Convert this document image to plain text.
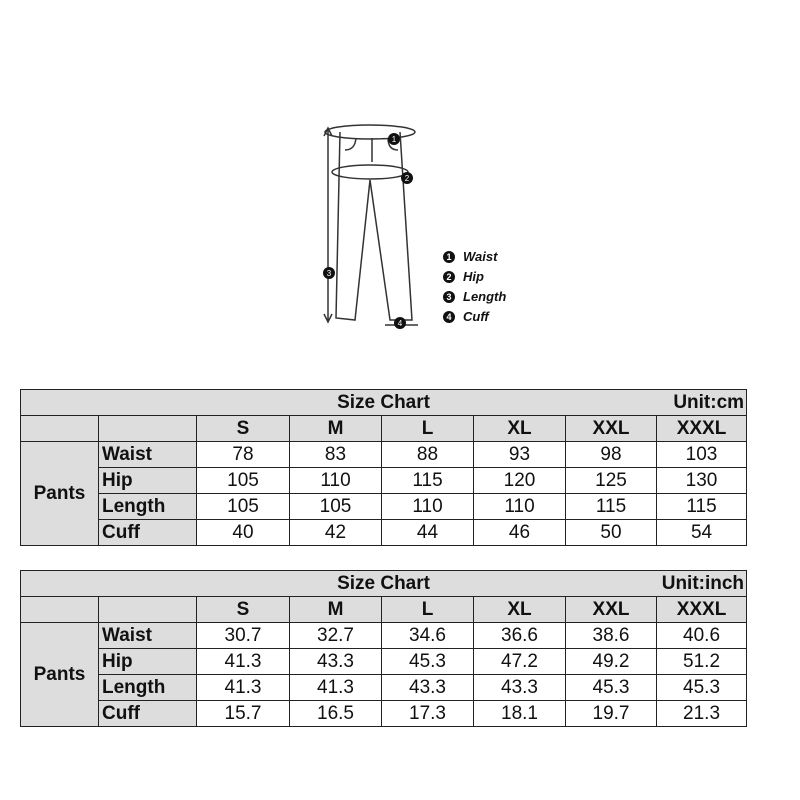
1
2
3
4
1 Waist
2 Hip
3 Length
4 Cuff
Size Chart Unit:cm							

		S	M	L	XL	XXL	XXXL
Pants	Waist	78	83	88	93	98	103
	Hip	105	110	115	120	125	130
	Length	105	105	110	110	115	115
	Cuff	40	42	44	46	50	54
Size Chart Unit:inch							

		S	M	L	XL	XXL	XXXL
Pants	Waist	30.7	32.7	34.6	36.6	38.6	40.6
	Hip	41.3	43.3	45.3	47.2	49.2	51.2
	Length	41.3	41.3	43.3	43.3	45.3	45.3
	Cuff	15.7	16.5	17.3	18.1	19.7	21.3
